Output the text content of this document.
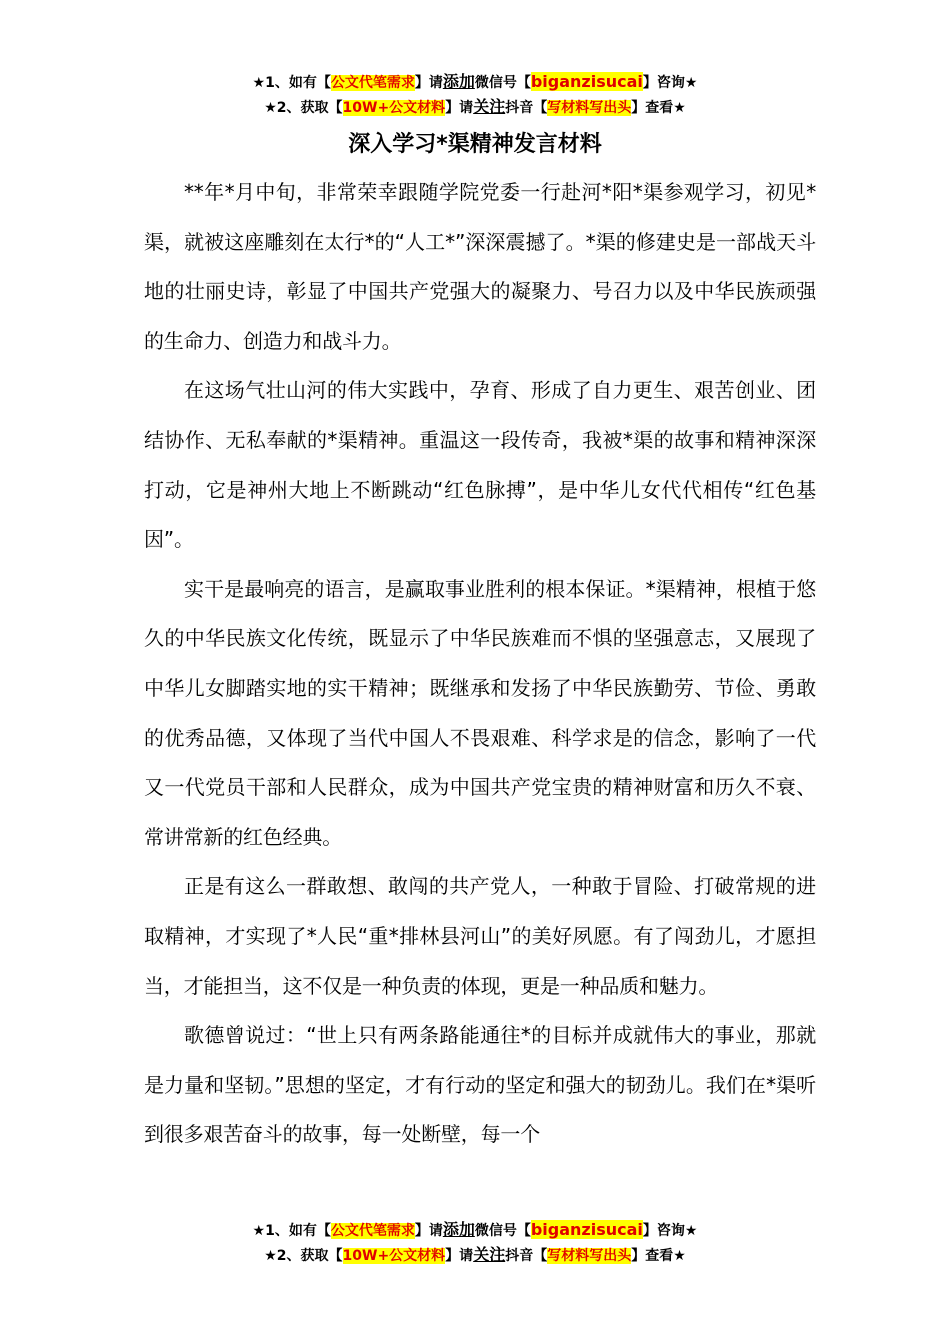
★1、如有【公文代笔需求】请添加微信号【biganzisucai】咨询★
★2、获取【10W+公文材料】请关注抖音【写材料写出头】查看★
深入学习*渠精神发言材料

**年*月中旬，非常荣幸跟随学院党委一行赴河*阳*渠参观学习，初见*渠，就被这座雕刻在太行*的“人工*”深深震撼了。*渠的修建史是一部战天斗地的壮丽史诗，彰显了中国共产党强大的凝聚力、号召力以及中华民族顽强的生命力、创造力和战斗力。

在这场气壮山河的伟大实践中，孕育、形成了自力更生、艰苦创业、团结协作、无私奉献的*渠精神。重温这一段传奇，我被*渠的故事和精神深深打动，它是神州大地上不断跳动“红色脉搏”，是中华儿女代代相传“红色基因”。

实干是最响亮的语言，是赢取事业胜利的根本保证。*渠精神，根植于悠久的中华民族文化传统，既显示了中华民族难而不惧的坚强意志，又展现了中华儿女脚踏实地的实干精神；既继承和发扬了中华民族勤劳、节俭、勇敢的优秀品德，又体现了当代中国人不畏艰难、科学求是的信念，影响了一代又一代党员干部和人民群众，成为中国共产党宝贵的精神财富和历久不衰、常讲常新的红色经典。

正是有这么一群敢想、敢闯的共产党人，一种敢于冒险、打破常规的进取精神，才实现了*人民“重*排林县河山”的美好夙愿。有了闯劲儿，才愿担当，才能担当，这不仅是一种负责的体现，更是一种品质和魅力。

歌德曾说过：“世上只有两条路能通往*的目标并成就伟大的事业，那就是力量和坚韧。”思想的坚定，才有行动的坚定和强大的韧劲儿。我们在*渠听到很多艰苦奋斗的故事，每一处断壁，每一个

★1、如有【公文代笔需求】请添加微信号【biganzisucai】咨询★
★2、获取【10W+公文材料】请关注抖音【写材料写出头】查看★
